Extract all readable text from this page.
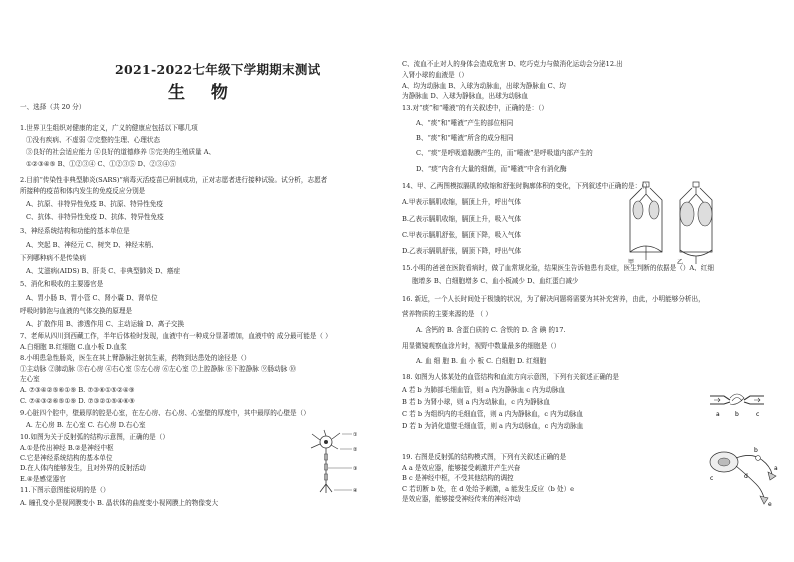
2021-2022七年级下学期期末测试
生 物
一、选择（共 20 分）
1.世界卫生组织对健康的定义，广义的健康应包括以下哪几项
①没有疾病、不虚弱 ②完整的生理、心理状态
③良好的社会适应能力 ④良好的道德修养 ⑤完美的生殖质量 A、
①②③④⑤ B、①②③④ C、①②③⑤ D、②③④⑤
2.目前“传染性非典型肺炎(SARS)”病毒灭活疫苗已研制成功，正对志愿者进行接种试验。试分析，志愿者
所接种的疫苗和体内发生的免疫反应分别是
A、抗原、非特异性免疫 B、抗原、特异性免疫
C、抗体、非特异性免疫 D、抗体、特异性免疫
3、神经系统结构和功能的基本单位是
A、突起 B、神经元 C、树突 D、神经末梢、
下列哪种病不是传染病
A、艾滋病(AIDS) B、肝炎 C、非典型肺炎 D、癌症
5、消化和吸收的主要器官是
A、胃小肠 B、胃小管 C、肾小囊 D、肾单位
呼吸时肺泡与血液的气体交换的原理是
A、扩散作用 B、渗透作用 C、主动运输 D、离子交换
7、老师从四川到西藏工作，半年后体检时发现，血液中有一种成分显著增加，血液中的 成分最可能是（ ）
A.白细胞 B.红细胞 C.血小板 D.血浆
8.小明患急性肠炎，医生在其上臂静脉注射抗生素，药物到达患处的途径是（）
①主动脉 ②肺动脉 ③右心房 ④右心室 ⑤左心房 ⑥左心室 ⑦上腔静脉 ⑧下腔静脉 ⑨肠动脉 ⑩
左心室
A. ⑦③④②⑤⑥①⑨ B. ⑦③⑥①⑤②④⑨
C. ⑦④③②⑥⑤①⑨ D. ⑦③②①⑤④⑥⑨
9.心脏四个腔中，壁最厚的腔是心室，在左心房、右心房、心室壁的厚度中，其中最厚的心壁是（）
A. 左心房 B. 左心室 C. 右心房 D.右心室
10.如图为关于反射弧的结构示意图，正确的是（）
A.①是传出神经 B.②是神经中枢
C.它是神经系统结构的基本单位
D.在人体内能够发生，且对外界的反射活动
E.④是感觉器官
11.下图示意图能说明的是（）
A. 瞳孔变小是视网膜变小 B. 晶状体的曲度变小视网膜上的物像变大
C、流血不止对人的身体会造成危害 D、吃巧克力与做消化运动会分泌12.出
入肾小球的血液是（）
A、均为动脉血 B、入球为动脉血，出球为静脉血 C、均
为静脉血 D、入球为静脉血，出球为动脉血
13.对“痰”和“唾液”的有关叙述中，正确的是：（）
A、“痰”和“唾液”产生的部位相同
B、“痰”和“唾液”所含的成分相同
C、“痰”是呼吸道黏膜产生的，而“唾液”是呼吸道内部产生的
D、“痰”内含有大量的细菌，而“唾液”中含有消化酶
14、甲、乙两图模拟膈肌的收缩和舒张时胸廓体积的变化，下列叙述中正确的是：（）
A.甲表示膈肌收缩，膈顶上升，呼出气体
B.乙表示膈肌收缩，膈顶上升，吸入气体
C.甲表示膈肌舒张，膈顶下降，吸入气体
D.乙表示膈肌舒张，膈顶下降，呼出气体
15.小明的爸爸在医院看病时，做了血常规化验，结果医生告诉他患有炎症，医生判断的依据是（）A、红细
胞增多 B、白细胞增多 C、血小板减少 D、血红蛋白减少
16. 新近，一个人长时间处于极饿的状况，为了解决问题将需要为其补充营养，由此，小明能够分析出，
营养物质的主要来源的是 （ ）
A. 含钙的 B. 含蛋白质的 C. 含铁的 D. 含 碘 的17.
用显微镜观察血涂片时，视野中数量最多的细胞是（）
A. 血 细 胞 B. 血 小 板 C. 白细胞 D. 红细胞
18. 如图为人体某处的血管结构和血流方向示意图，下列有关叙述正确的是
A 若 b 为肺部毛细血管，则 a 内为静脉血 c 内为动脉血
B 若 b 为肾小球，则 a 内为动脉血，c 内为静脉血
C 若 b 为组织内的毛细血管，则 a 内为静脉血，c 内为动脉血
D 若 b 为消化道壁毛细血管，则 a 内为动脉血，c 内为动脉血
19. 右图是反射弧的结构模式图，下列有关叙述正确的是
A a 是效应器，能够接受刺激并产生兴奋
B c 是神经中枢，不受其他结构的调控
C 若切断 b 处，在 d 处给予刺激，a 能发生反应（b 处）e
是效应器，能够接受神经传来的神经冲动
①
②
③
④
甲	乙
a	b	c
a
b
c	d
e
